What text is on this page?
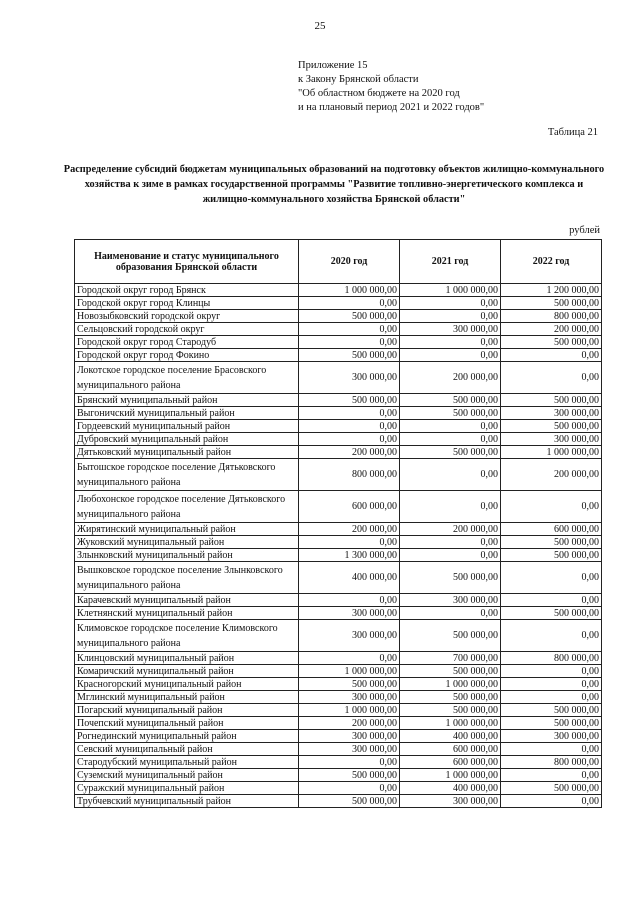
25
Приложение 15
к Закону Брянской области
"Об областном бюджете на 2020 год
и на плановый период 2021 и 2022 годов"
Таблица 21
Распределение субсидий бюджетам муниципальных образований на подготовку объектов жилищно-коммунального хозяйства к зиме в рамках государственной программы "Развитие топливно-энергетического комплекса и жилищно-коммунального хозяйства Брянской области"
рублей
Наименование и статус муниципального образования Брянской области	2020 год	2021 год	2022 год
Городской округ город Брянск	1 000 000,00	1 000 000,00	1 200 000,00
Городской округ город Клинцы	0,00	0,00	500 000,00
Новозыбковский городской округ	500 000,00	0,00	800 000,00
Сельцовский городской округ	0,00	300 000,00	200 000,00
Городской округ город Стародуб	0,00	0,00	500 000,00
Городской округ город Фокино	500 000,00	0,00	0,00
Локотское городское поселение Брасовского муниципального района	300 000,00	200 000,00	0,00
Брянский муниципальный район	500 000,00	500 000,00	500 000,00
Выгоничский муниципальный район	0,00	500 000,00	300 000,00
Гордеевский муниципальный район	0,00	0,00	500 000,00
Дубровский муниципальный район	0,00	0,00	300 000,00
Дятьковский муниципальный район	200 000,00	500 000,00	1 000 000,00
Бытошское городское поселение Дятьковского муниципального района	800 000,00	0,00	200 000,00
Любохонское городское поселение Дятьковского муниципального района	600 000,00	0,00	0,00
Жирятинский муниципальный район	200 000,00	200 000,00	600 000,00
Жуковский муниципальный район	0,00	0,00	500 000,00
Злынковский муниципальный район	1 300 000,00	0,00	500 000,00
Вышковское городское поселение Злынковского муниципального района	400 000,00	500 000,00	0,00
Карачевский муниципальный район	0,00	300 000,00	0,00
Клетнянский муниципальный район	300 000,00	0,00	500 000,00
Климовское городское поселение Климовского муниципального района	300 000,00	500 000,00	0,00
Клинцовский муниципальный район	0,00	700 000,00	800 000,00
Комаричский муниципальный район	1 000 000,00	500 000,00	0,00
Красногорский муниципальный район	500 000,00	1 000 000,00	0,00
Мглинский муниципальный район	300 000,00	500 000,00	0,00
Погарский муниципальный район	1 000 000,00	500 000,00	500 000,00
Почепский муниципальный район	200 000,00	1 000 000,00	500 000,00
Рогнединский муниципальный район	300 000,00	400 000,00	300 000,00
Севский муниципальный район	300 000,00	600 000,00	0,00
Стародубский муниципальный район	0,00	600 000,00	800 000,00
Суземский муниципальный район	500 000,00	1 000 000,00	0,00
Суражский муниципальный район	0,00	400 000,00	500 000,00
Трубчевский муниципальный район	500 000,00	300 000,00	0,00
